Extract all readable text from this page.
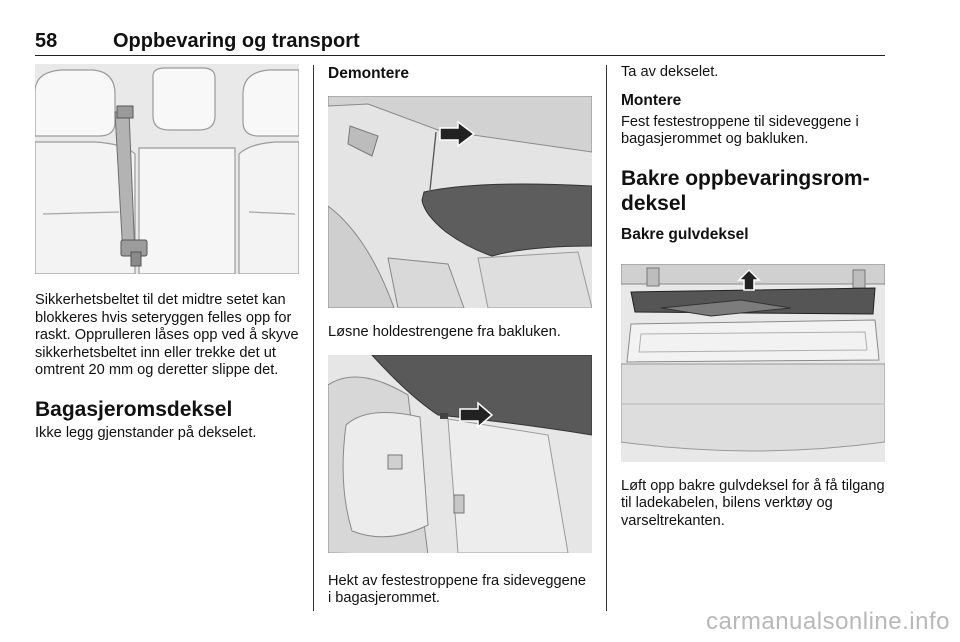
58	Oppbevaring og transport

Sikkerhetsbeltet til det midtre setet kan blokkeres hvis seteryggen felles opp for raskt. Opprulleren låses opp ved å skyve sikkerhetsbeltet inn eller trekke det ut omtrent 20 mm og deretter slippe det.

Bagasjeromsdeksel

Ikke legg gjenstander på dekselet.

Demontere

Løsne holdestrengene fra bakluken.

Hekt av festestroppene fra sideveggene i bagasjerommet.

Ta av dekselet.

Montere

Fest festestroppene til sideveggene i bagasjerommet og bakluken.

Bakre oppbevaringsromdeksel

Bakre gulvdeksel

Løft opp bakre gulvdeksel for å få tilgang til ladekabelen, bilens verktøy og varseltrekanten.

carmanualsonline.info
